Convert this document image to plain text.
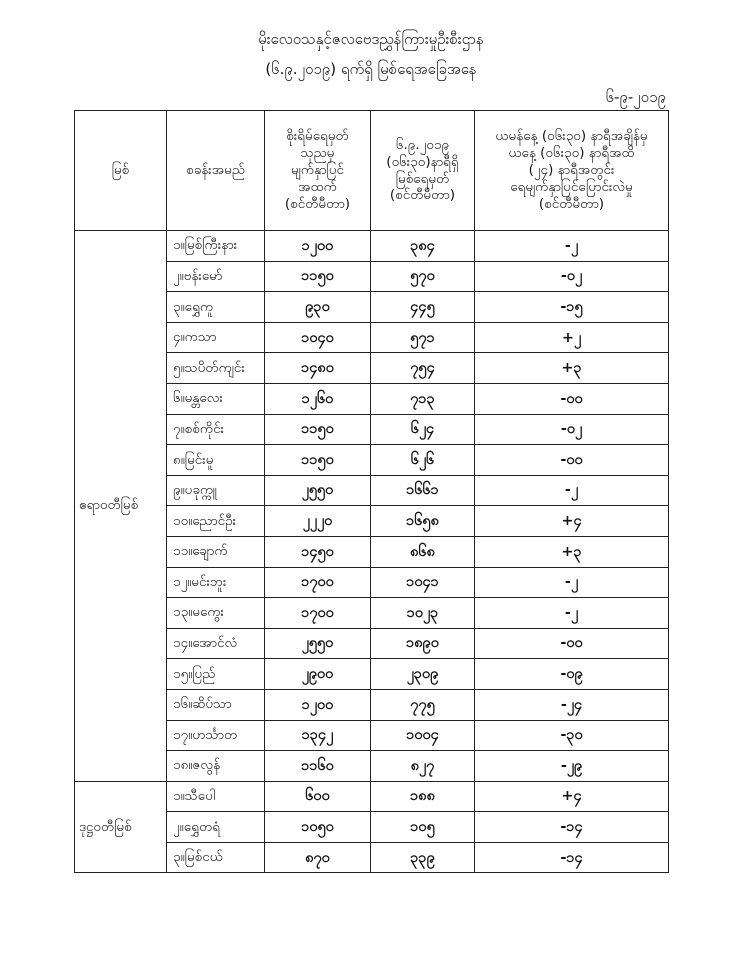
မိုးလေဝသနှင့်ဇလဗေဒညွှန်ကြားမှုဦးစီးဌာန
(၆.၉.၂၀၁၉) ရက်ရှိ မြစ်ရေအခြေအနေ
၆-၉-၂၀၁၉
မြစ်	စခန်းအမည်	စိုးရိမ်ရေမှတ်
သုညမှ
မျက်နှာပြင်
အထက်
(စင်တီမီတာ)	၆.၉.၂၀၁၉
(၀၆း၃၀)နာရီရှိ
မြစ်ရေမှတ်
(စင်တီမီတာ)	ယမန်နေ့ (၀၆း၃၀) နာရီအချိန်မှ
ယနေ့ (၀၆း၃၀) နာရီအထိ
(၂၄) နာရီအတွင်း
ရေမျက်နှာပြင်ပြောင်းလဲမှု
(စင်တီမီတာ)

ဧရာဝတီမြစ်	၁။မြစ်ကြီးနား	၁၂၀၀	၃၈၄	-၂
	၂။ဗန်းမော်	၁၁၅၀	၅၇၀	-၀၂
	၃။ရွှေကူ	၉၃၀	၄၄၅	-၁၅
	၄။ကသာ	၁၀၄၀	၅၇၁	+၂
	၅။သပိတ်ကျင်း	၁၄၈၀	၇၅၄	+၃
	၆။မန္တလေး	၁၂၆၀	၇၁၃	-၀၀
	၇။စစ်ကိုင်း	၁၁၅၀	၆၂၄	-၀၂
	၈။မြင်းမူ	၁၁၅၀	၆၂၆	-၀၀
	၉။ပခုက္ကူ	၂၅၅၀	၁၆၆၁	-၂
	၁၀။ညောင်ဦး	၂၂၂၀	၁၆၅၈	+၄
	၁၁။ချောက်	၁၄၅၀	၈၆၈	+၃
	၁၂။မင်းဘူး	၁၇၀၀	၁၀၄၁	-၂
	၁၃။မကွေး	၁၇၀၀	၁၀၂၃	-၂
	၁၄။အောင်လံ	၂၅၅၀	၁၈၉၀	-၀၀
	၁၅။ပြည်	၂၉၀၀	၂၃၀၉	-၀၉
	၁၆။ဆိပ်သာ	၁၂၀၀	၇၇၅	-၂၄
	၁၇။ဟင်္သာတ	၁၃၄၂	၁၀၀၄	-၃၀
	၁၈။ဇလွန်	၁၁၆၀	၈၂၇	-၂၉
ဒုဋ္ဌဝတီမြစ်	၁။သီပေါ	၆၀၀	၁၈၈	+၄
	၂။ရွှေတရံ	၁၀၅၀	၁၀၅	-၁၄
	၃။မြစ်ငယ်	၈၇၀	၃၃၉	-၁၄
